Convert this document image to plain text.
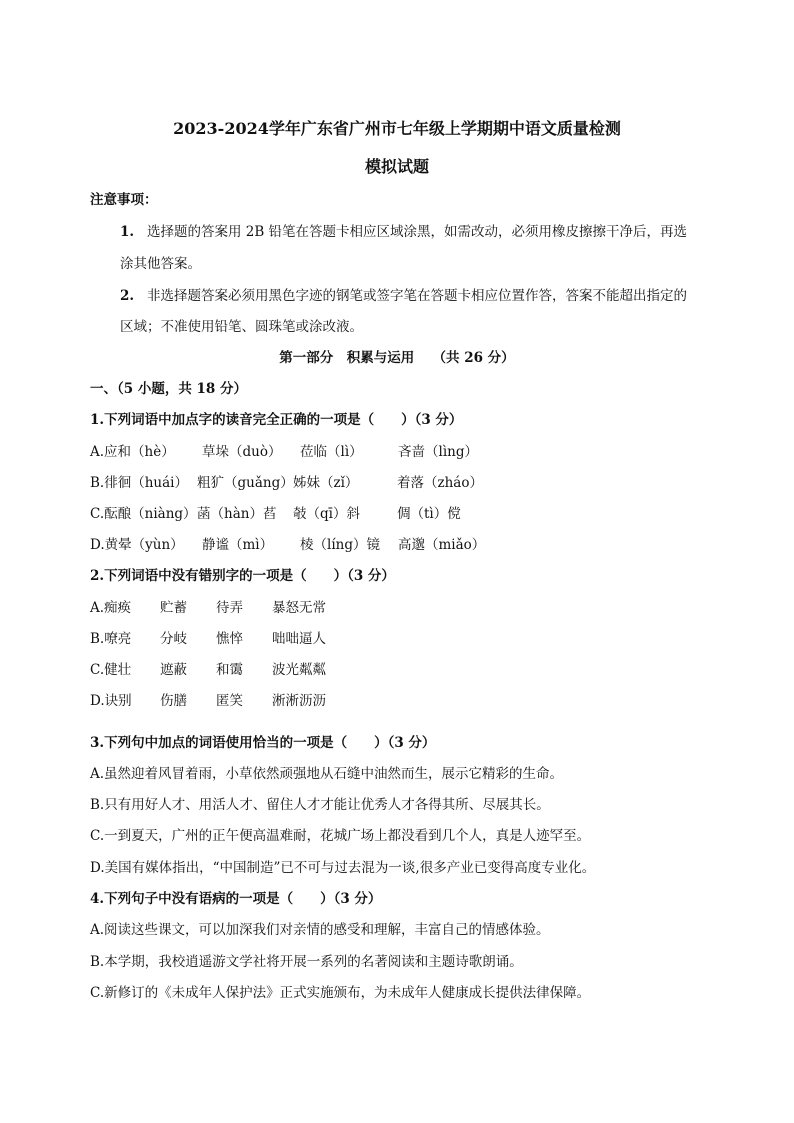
2023-2024学年广东省广州市七年级上学期期中语文质量检测
模拟试题
注意事项：
1. 选择题的答案用 2B 铅笔在答题卡相应区域涂黑，如需改动，必须用橡皮擦擦干净后，再选
涂其他答案。
2. 非选择题答案必须用黑色字迹的钢笔或签字笔在答题卡相应位置作答，答案不能超出指定的
区域；不准使用铅笔、圆珠笔或涂改液。
第一部分　积累与运用　 （共 26 分）
一、（5 小题，共 18 分）
1.下列词语中加点字的读音完全正确的一项是（　　）（3 分）
A.应和（hè） 草垛（duò） 莅临（lì）	吝啬（lìng）
B.徘徊（huái） 粗犷（guǎng）姊妹（zǐ）	着落（zháo）
C.酝酿（niàng）菡（hàn）萏 攲（qī）斜	倜（tì）傥
D.黄晕（yùn） 静谧（mì） 棱（líng）镜 高邈（miǎo）
2.下列词语中没有错别字的一项是（　　）（3 分）
A.痴痪 贮蓄 待弄 暴怒无常
B.嘹亮 分岐 憔悴 咄咄逼人
C.健壮 遮蔽 和霭 波光粼粼
D.诀别 伤膳 匿笑 淅淅沥沥
3.下列句中加点的词语使用恰当的一项是（　　）（3 分）
A.虽然迎着风冒着雨，小草依然顽强地从石缝中油然而生，展示它精彩的生命。
B.只有用好人才、用活人才、留住人才才能让优秀人才各得其所、尽展其长。
C.一到夏天，广州的正午便高温难耐，花城广场上都没看到几个人，真是人迹罕至。
D.美国有媒体指出，“中国制造”已不可与过去混为一谈,很多产业已变得高度专业化。
4.下列句子中没有语病的一项是（　　）（3 分）
A.阅读这些课文，可以加深我们对亲情的感受和理解，丰富自己的情感体验。
B.本学期，我校逍遥游文学社将开展一系列的名著阅读和主题诗歌朗诵。
C.新修订的《未成年人保护法》正式实施颁布，为未成年人健康成长提供法律保障。
